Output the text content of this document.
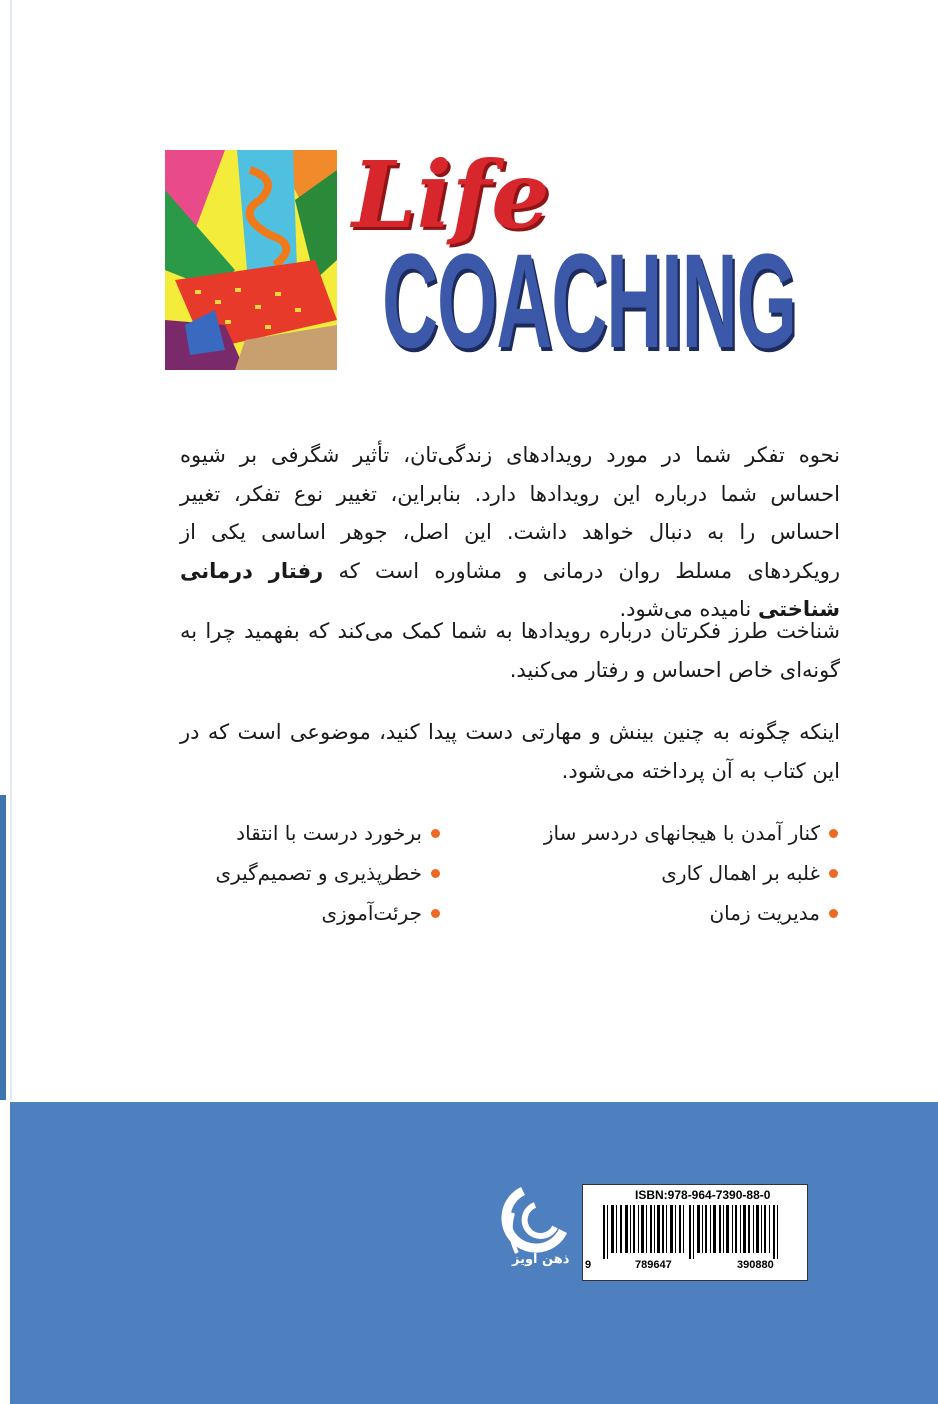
Life
COACHING

نحوه تفکر شما در مورد رویدادهای زندگی‌تان، تأثیر شگرفی بر شیوه احساس شما درباره این رویدادها دارد. بنابراین، تغییر نوع تفکر، تغییر احساس را به دنبال خواهد داشت. این اصل، جوهر اساسی یکی از رویکردهای مسلط روان درمانی و مشاوره است که رفتار درمانی شناختی نامیده می‌شود.

شناخت طرز فکرتان درباره رویدادها به شما کمک می‌کند که بفهمید چرا به گونه‌ای خاص احساس و رفتار می‌کنید.

اینکه چگونه به چنین بینش و مهارتی دست پیدا کنید، موضوعی است که در این کتاب به آن پرداخته می‌شود.

کنار آمدن با هیجانهای دردسر ساز
غلبه بر اهمال کاری
مدیریت زمان
برخورد درست با انتقاد
خطرپذیری و تصمیم‌گیری
جرئت‌آموزی
ذهن آویز
ISBN:978-964-7390-88-0
9	789647	390880
